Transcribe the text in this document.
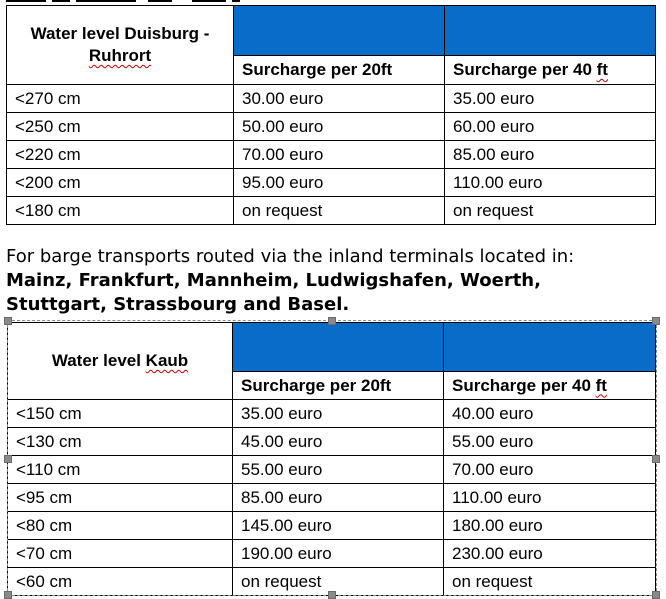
Water level Duisburg -
Ruhrort		
	Surcharge per 20ft	Surcharge per 40 ft
<270 cm	30.00 euro	35.00 euro
<250 cm	50.00 euro	60.00 euro
<220 cm	70.00 euro	85.00 euro
<200 cm	95.00 euro	110.00 euro
<180 cm	on request	on request

For barge transports routed via the inland terminals located in:

Mainz, Frankfurt, Mannheim, Ludwigshafen, Woerth, Stuttgart, Strassbourg and Basel.

Water level Kaub		
	Surcharge per 20ft	Surcharge per 40 ft
<150 cm	35.00 euro	40.00 euro
<130 cm	45.00 euro	55.00 euro
<110 cm	55.00 euro	70.00 euro
<95 cm	85.00 euro	110.00 euro
<80 cm	145.00 euro	180.00 euro
<70 cm	190.00 euro	230.00 euro
<60 cm	on request	on request
